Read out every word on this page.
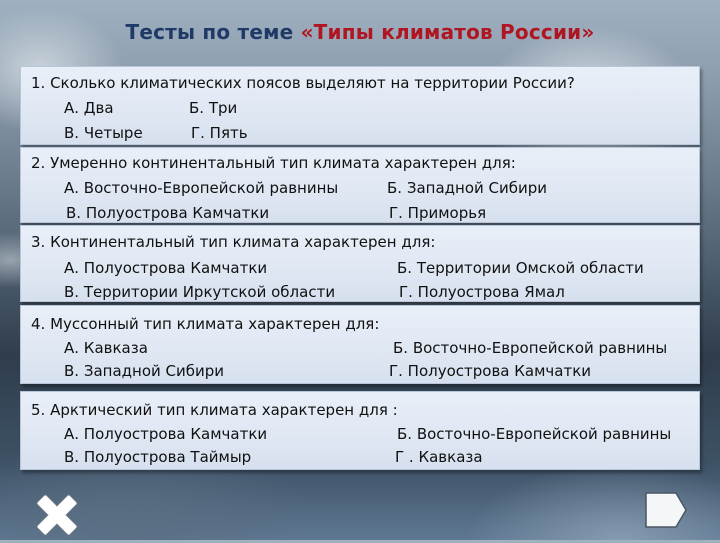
Тесты по теме «Типы климатов России»
1. Сколько климатических поясов выделяют на территории России?
А. Два	Б. Три
В. Четыре	Г. Пять
2. Умеренно континентальный тип климата характерен для:
А. Восточно-Европейской равнины	Б. Западной Сибири
В. Полуострова Камчатки	Г. Приморья
3. Континентальный тип климата характерен для:
А. Полуострова Камчатки	Б. Территории Омской области
В. Территории Иркутской области	Г. Полуострова Ямал
4. Муссонный тип климата характерен для:
А. Кавказа	Б. Восточно-Европейской равнины
В. Западной Сибири	Г. Полуострова Камчатки
5. Арктический тип климата характерен для :
А. Полуострова Камчатки	Б. Восточно-Европейской равнины
В. Полуострова Таймыр	Г . Кавказа
